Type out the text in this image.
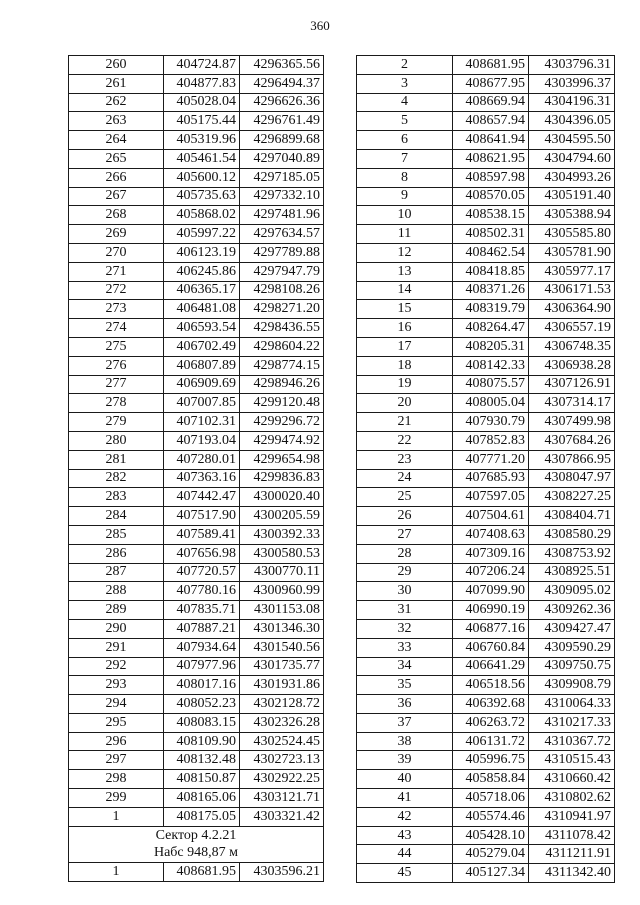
360
260	404724.87	4296365.56
261	404877.83	4296494.37
262	405028.04	4296626.36
263	405175.44	4296761.49
264	405319.96	4296899.68
265	405461.54	4297040.89
266	405600.12	4297185.05
267	405735.63	4297332.10
268	405868.02	4297481.96
269	405997.22	4297634.57
270	406123.19	4297789.88
271	406245.86	4297947.79
272	406365.17	4298108.26
273	406481.08	4298271.20
274	406593.54	4298436.55
275	406702.49	4298604.22
276	406807.89	4298774.15
277	406909.69	4298946.26
278	407007.85	4299120.48
279	407102.31	4299296.72
280	407193.04	4299474.92
281	407280.01	4299654.98
282	407363.16	4299836.83
283	407442.47	4300020.40
284	407517.90	4300205.59
285	407589.41	4300392.33
286	407656.98	4300580.53
287	407720.57	4300770.11
288	407780.16	4300960.99
289	407835.71	4301153.08
290	407887.21	4301346.30
291	407934.64	4301540.56
292	407977.96	4301735.77
293	408017.16	4301931.86
294	408052.23	4302128.72
295	408083.15	4302326.28
296	408109.90	4302524.45
297	408132.48	4302723.13
298	408150.87	4302922.25
299	408165.06	4303121.71
1	408175.05	4303321.42
Сектор 4.2.21		
Набс 948,87 м		
1	408681.95	4303596.21
2	408681.95	4303796.31
3	408677.95	4303996.37
4	408669.94	4304196.31
5	408657.94	4304396.05
6	408641.94	4304595.50
7	408621.95	4304794.60
8	408597.98	4304993.26
9	408570.05	4305191.40
10	408538.15	4305388.94
11	408502.31	4305585.80
12	408462.54	4305781.90
13	408418.85	4305977.17
14	408371.26	4306171.53
15	408319.79	4306364.90
16	408264.47	4306557.19
17	408205.31	4306748.35
18	408142.33	4306938.28
19	408075.57	4307126.91
20	408005.04	4307314.17
21	407930.79	4307499.98
22	407852.83	4307684.26
23	407771.20	4307866.95
24	407685.93	4308047.97
25	407597.05	4308227.25
26	407504.61	4308404.71
27	407408.63	4308580.29
28	407309.16	4308753.92
29	407206.24	4308925.51
30	407099.90	4309095.02
31	406990.19	4309262.36
32	406877.16	4309427.47
33	406760.84	4309590.29
34	406641.29	4309750.75
35	406518.56	4309908.79
36	406392.68	4310064.33
37	406263.72	4310217.33
38	406131.72	4310367.72
39	405996.75	4310515.43
40	405858.84	4310660.42
41	405718.06	4310802.62
42	405574.46	4310941.97
43	405428.10	4311078.42
44	405279.04	4311211.91
45	405127.34	4311342.40
